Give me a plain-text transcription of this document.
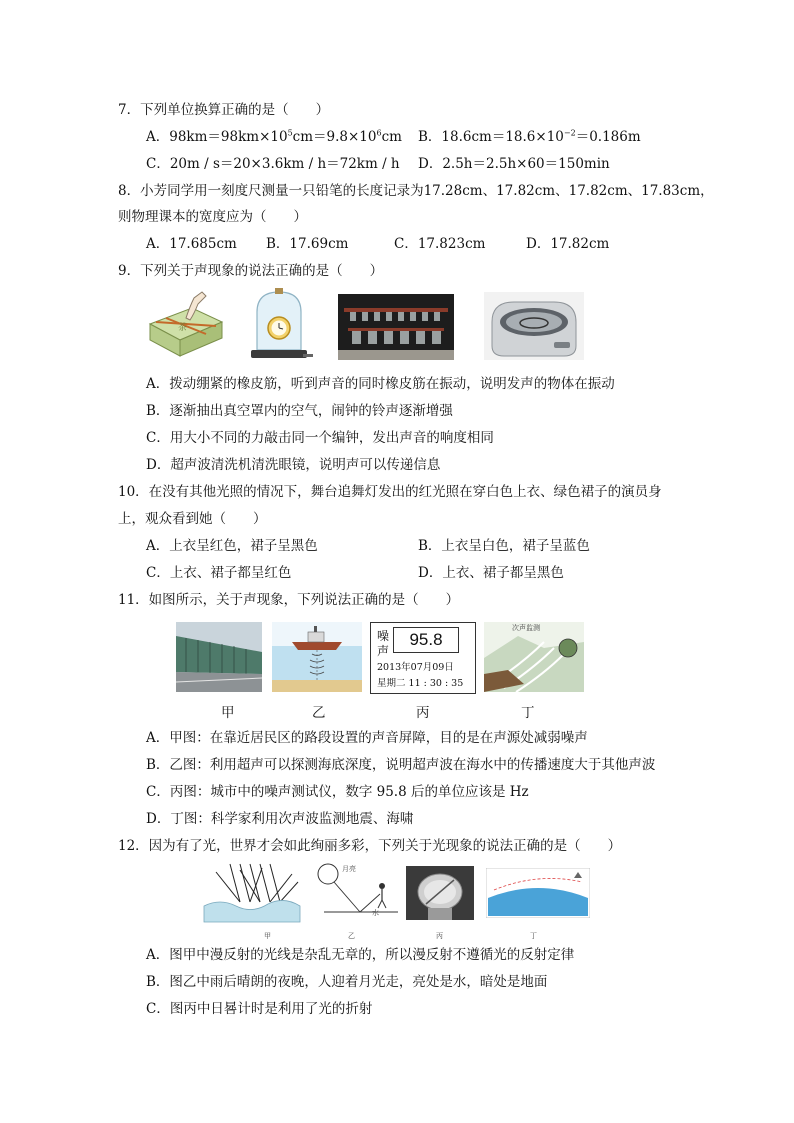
7．下列单位换算正确的是（　　）
A．$98km=98km\times 10^5cm=9.8\times 10^6cm$ B．$18.6cm=18.6\times 10^{-2}=0.186m$
C．20m / s＝20×3.6km / h＝72km / h D．2.5h＝2.5h×60＝150min
8．小芳同学用一刻度尺测量一只铅笔的长度记录为17.28cm、17.82cm、17.82cm、17.83cm，
则物理课本的宽度应为（　　）
A．17.685cm B．17.69cm	C．17.823cm	D．17.82cm
9．下列关于声现象的说法正确的是（　　）
茶
A．拨动绷紧的橡皮筋，听到声音的同时橡皮筋在振动，说明发声的物体在振动
B．逐渐抽出真空罩内的空气，闹钟的铃声逐渐增强
C．用大小不同的力敲击同一个编钟，发出声音的响度相同
D．超声波清洗机清洗眼镜，说明声可以传递信息
10．在没有其他光照的情况下，舞台追舞灯发出的红光照在穿白色上衣、绿色裙子的演员身
上，观众看到她（　　）
A．上衣呈红色，裙子呈黑色	B．上衣呈白色，裙子呈蓝色
C．上衣、裙子都呈红色	D．上衣、裙子都呈黑色
11．如图所示，关于声现象，下列说法正确的是（　　）
噪
声
95.8
2013年07月09日
星期二 11 : 30 : 35
次声监测
甲	乙	丙	丁
A．甲图：在靠近居民区的路段设置的声音屏障，目的是在声源处减弱噪声
B．乙图：利用超声可以探测海底深度，说明超声波在海水中的传播速度大于其他声波
C．丙图：城市中的噪声测试仪，数字 95.8 后的单位应该是 Hz
D．丁图：科学家利用次声波监测地震、海啸
12．因为有了光，世界才会如此绚丽多彩，下列关于光现象的说法正确的是（　　）
月亮
水
甲	乙	丙	丁
A．图甲中漫反射的光线是杂乱无章的，所以漫反射不遵循光的反射定律
B．图乙中雨后晴朗的夜晚，人迎着月光走，亮处是水，暗处是地面
C．图丙中日晷计时是利用了光的折射
